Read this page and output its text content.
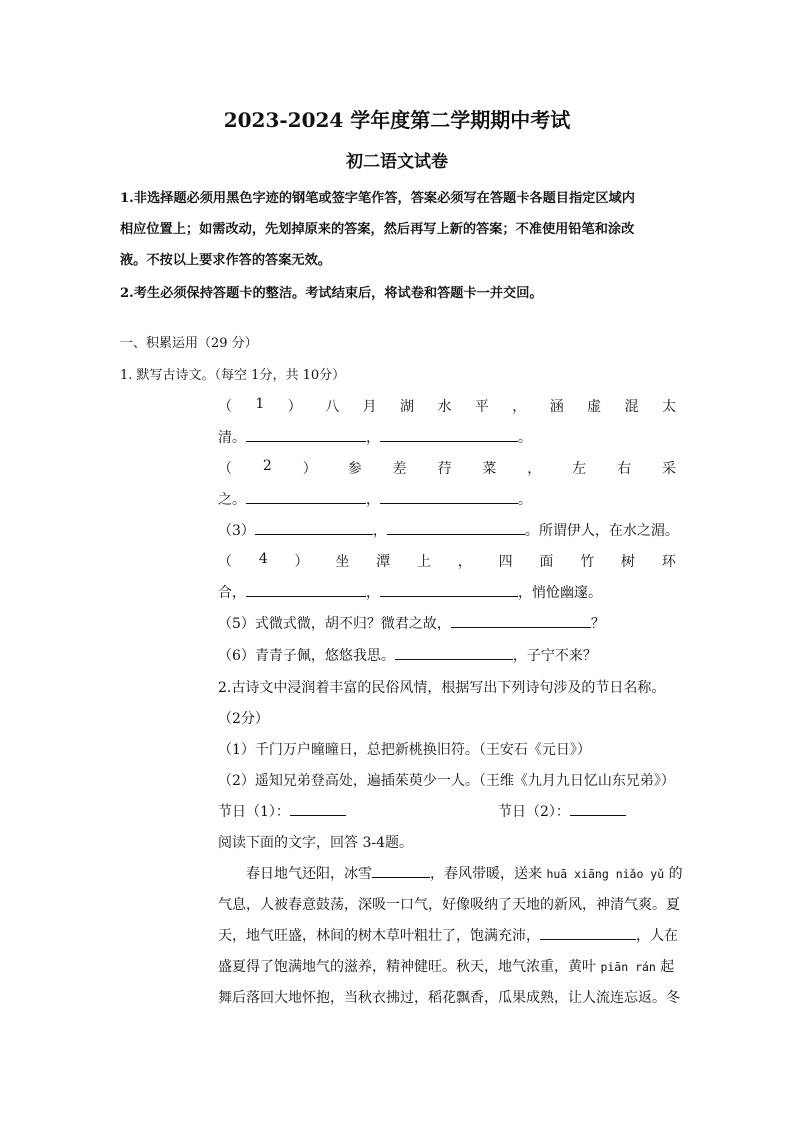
2023-2024 学年度第二学期期中考试
初二语文试卷
1.非选择题必须用黑色字迹的钢笔或签字笔作答，答案必须写在答题卡各题目指定区域内
相应位置上；如需改动，先划掉原来的答案，然后再写上新的答案；不准使用铅笔和涂改
液。不按以上要求作答的答案无效。
2.考生必须保持答题卡的整洁。考试结束后，将试卷和答题卡一并交回。
一、积累运用（29 分）
1. 默写古诗文。（每空 1分，共 10分）
（ 1 ） 八 月 湖 水 平 ， 涵 虚 混 太
清。	，	。
（ 2 ） 参 差 荇 菜 ， 左 右 采
之。	，	。
（3）	，	。所谓伊人，在水之湄。
（ 4 ） 坐 潭 上 ， 四 面 竹 树 环
合，	，	，悄怆幽邃。
（5）式微式微，胡不归？微君之故，	？
（6）青青子佩，悠悠我思。	，子宁不来？
2.古诗文中浸润着丰富的民俗风情，根据写出下列诗句涉及的节日名称。
（2分）
（1）千门万户曈曈日，总把新桃换旧符。（王安石《元日》）
（2）遥知兄弟登高处，遍插茱萸少一人。（王维《九月九日忆山东兄弟》）
节日（1）：	节日（2）：
阅读下面的文字，回答 3-4题。
春日地气还阳，冰雪	，春风带暖，送来 huā xiāng niǎo yǔ 的
气息，人被春意鼓荡，深吸一口气，好像吸纳了天地的新风，神清气爽。夏
天，地气旺盛，林间的树木草叶粗壮了，饱满充沛，	，人在
盛夏得了饱满地气的滋养，精神健旺。秋天，地气浓重，黄叶 piān rán 起
舞后落回大地怀抱，当秋衣拂过，稻花飘香，瓜果成熟，让人流连忘返。冬
